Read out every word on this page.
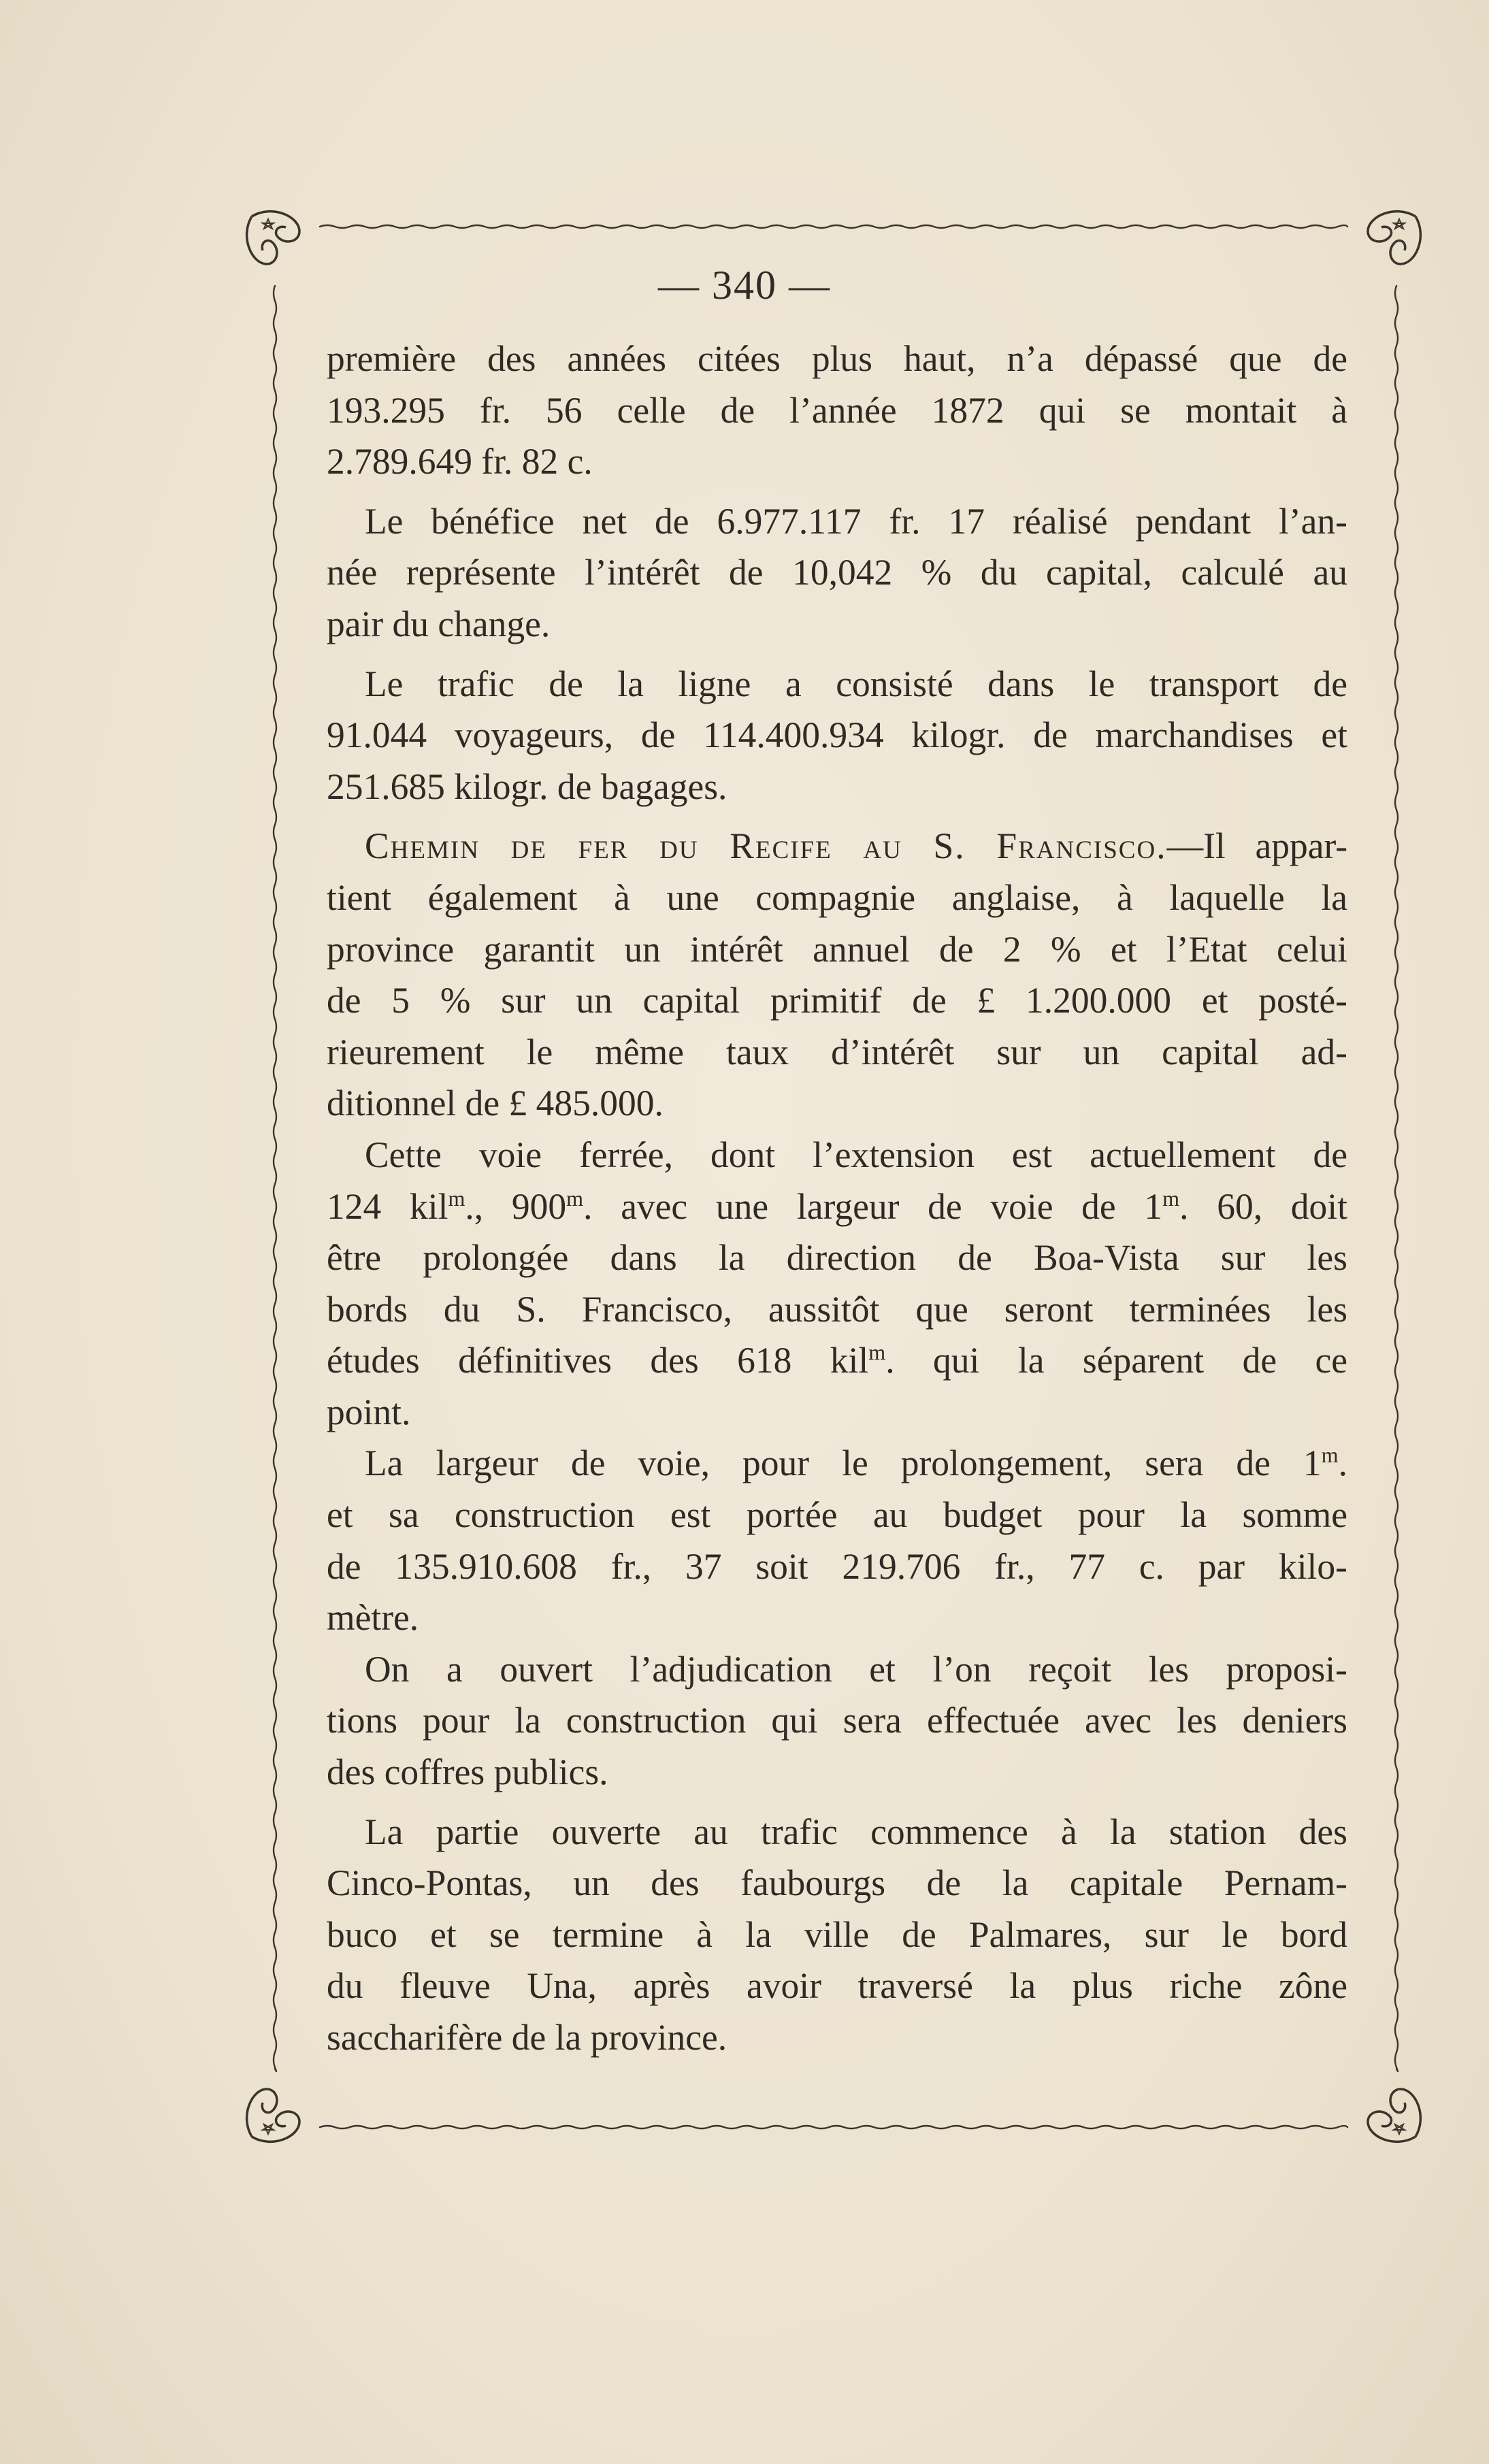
— 340 —
première des années citées plus haut, n’a dépassé que de
193.295 fr. 56 celle de l’année 1872 qui se montait à
2.789.649 fr. 82 c.
Le bénéfice net de 6.977.117 fr. 17 réalisé pendant l’an-
née représente l’intérêt de 10,042 % du capital, calculé au
pair du change.
Le trafic de la ligne a consisté dans le transport de
91.044 voyageurs, de 114.400.934 kilogr. de marchandises et
251.685 kilogr. de bagages.
Chemin de fer du Recife au S. Francisco.—Il appar-
tient également à une compagnie anglaise, à laquelle la
province garantit un intérêt annuel de 2 % et l’Etat celui
de 5 % sur un capital primitif de £ 1.200.000 et posté-
rieurement le même taux d’intérêt sur un capital ad-
ditionnel de £ 485.000.
Cette voie ferrée, dont l’extension est actuellement de
124 kil$^m$., 900$^m$. avec une largeur de voie de 1$^m$. 60, doit
être prolongée dans la direction de Boa-Vista sur les
bords du S. Francisco, aussitôt que seront terminées les
études définitives des 618 kil$^m$. qui la séparent de ce
point.
La largeur de voie, pour le prolongement, sera de 1$^m$.
et sa construction est portée au budget pour la somme
de 135.910.608 fr., 37 soit 219.706 fr., 77 c. par kilo-
mètre.
On a ouvert l’adjudication et l’on reçoit les proposi-
tions pour la construction qui sera effectuée avec les deniers
des coffres publics.
La partie ouverte au trafic commence à la station des
Cinco-Pontas, un des faubourgs de la capitale Pernam-
buco et se termine à la ville de Palmares, sur le bord
du fleuve Una, après avoir traversé la plus riche zône
saccharifère de la province.
